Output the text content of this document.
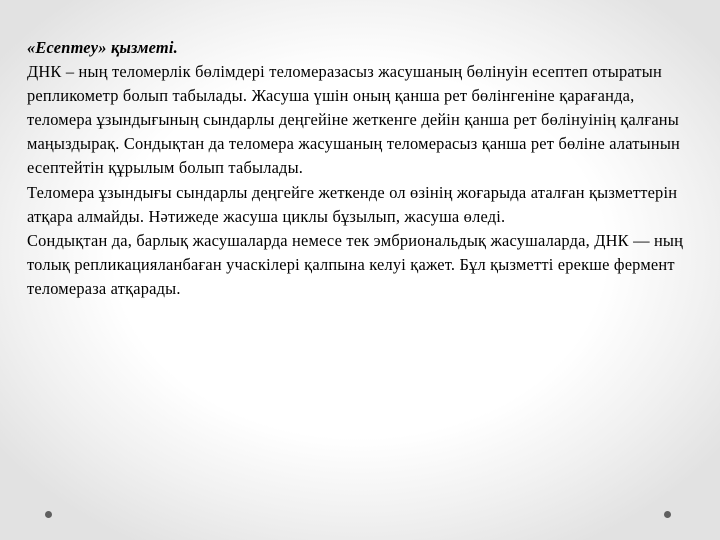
«Есептеу» қызметі.
ДНК – ның теломерлік бөлімдері теломеразасыз жасушаның бөлінуін есептеп отыратын репликометр болып табылады. Жасуша үшін оның қанша рет бөлінгеніне қарағанда, теломера ұзындығының сындарлы деңгейіне жеткенге дейін қанша рет бөлінуінің қалғаны маңыздырақ. Сондықтан да теломера жасушаның теломерасыз қанша рет бөліне алатынын есептейтін құрылым болып табылады.
Теломера ұзындығы сындарлы деңгейге жеткенде ол өзінің жоғарыда аталған қызметтерін атқара алмайды. Нәтижеде жасуша циклы бұзылып, жасуша өледі.
Сондықтан да, барлық жасушаларда немесе тек эмбриональдық жасушаларда, ДНК — ның толық репликацияланбаған учаскілері қалпына келуі қажет. Бұл қызметті ерекше фермент теломераза атқарады.
